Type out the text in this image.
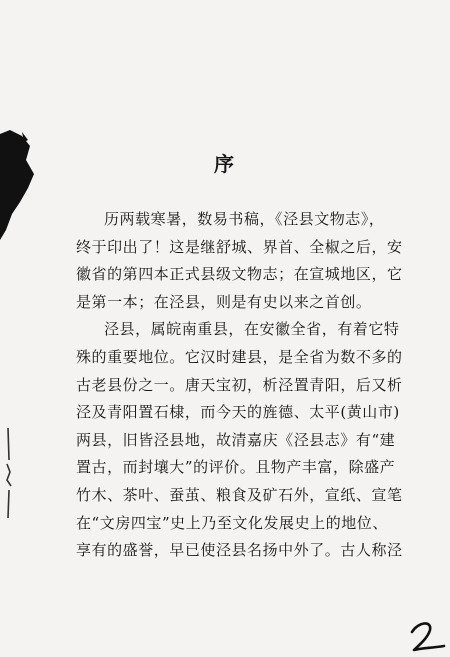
序
历两载寒暑，数易书稿，《泾县文物志》，
终于印出了！这是继舒城、界首、全椒之后，安
徽省的第四本正式县级文物志；在宣城地区，它
是第一本；在泾县，则是有史以来之首创。
泾县，属皖南重县，在安徽全省，有着它特
殊的重要地位。它汉时建县，是全省为数不多的
古老县份之一。唐天宝初，析泾置青阳，后又析
泾及青阳置石棣，而今天的旌德、太平(黄山市)
两县，旧皆泾县地，故清嘉庆《泾县志》有“建
置古，而封壤大”的评价。且物产丰富，除盛产
竹木、茶叶、蚕茧、粮食及矿石外，宣纸、宣笔
在“文房四宝”史上乃至文化发展史上的地位、
享有的盛誉，早已使泾县名扬中外了。古人称泾
